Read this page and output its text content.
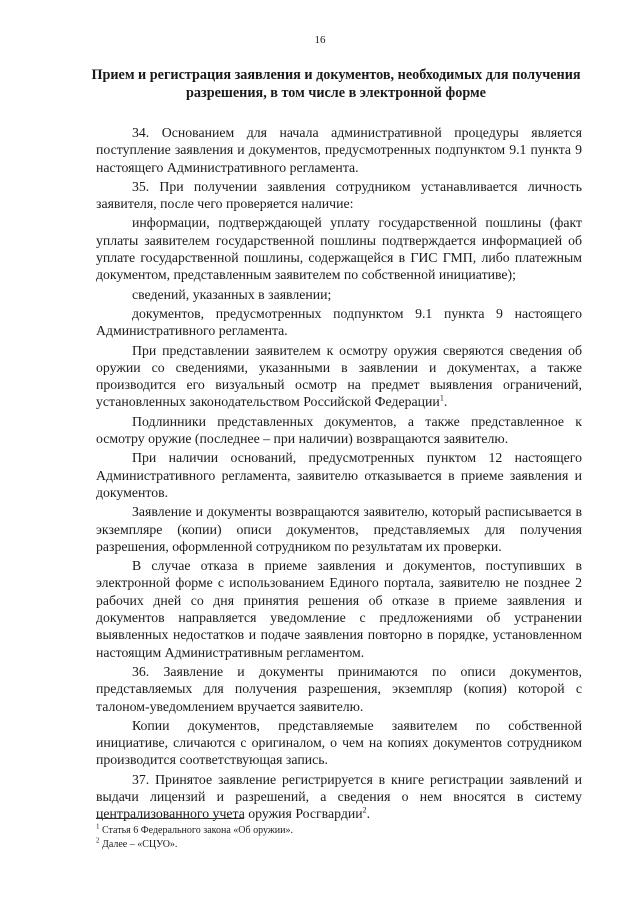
16
Прием и регистрация заявления и документов, необходимых для получения разрешения, в том числе в электронной форме

34. Основанием для начала административной процедуры является поступление заявления и документов, предусмотренных подпунктом 9.1 пункта 9 настоящего Административного регламента.

35. При получении заявления сотрудником устанавливается личность заявителя, после чего проверяется наличие:

информации, подтверждающей уплату государственной пошлины (факт уплаты заявителем государственной пошлины подтверждается информацией об уплате государственной пошлины, содержащейся в ГИС ГМП, либо платежным документом, представленным заявителем по собственной инициативе);

сведений, указанных в заявлении;

документов, предусмотренных подпунктом 9.1 пункта 9 настоящего Административного регламента.

При представлении заявителем к осмотру оружия сверяются сведения об оружии со сведениями, указанными в заявлении и документах, а также производится его визуальный осмотр на предмет выявления ограничений, установленных законодательством Российской Федерации$^1$.

Подлинники представленных документов, а также представленное к осмотру оружие (последнее – при наличии) возвращаются заявителю.

При наличии оснований, предусмотренных пунктом 12 настоящего Административного регламента, заявителю отказывается в приеме заявления и документов.

Заявление и документы возвращаются заявителю, который расписывается в экземпляре (копии) описи документов, представляемых для получения разрешения, оформленной сотрудником по результатам их проверки.

В случае отказа в приеме заявления и документов, поступивших в электронной форме с использованием Единого портала, заявителю не позднее 2 рабочих дней со дня принятия решения об отказе в приеме заявления и документов направляется уведомление с предложениями об устранении выявленных недостатков и подаче заявления повторно в порядке, установленном настоящим Административным регламентом.

36. Заявление и документы принимаются по описи документов, представляемых для получения разрешения, экземпляр (копия) которой с талоном-уведомлением вручается заявителю.

Копии документов, представляемые заявителем по собственной инициативе, сличаются с оригиналом, о чем на копиях документов сотрудником производится соответствующая запись.

37. Принятое заявление регистрируется в книге регистрации заявлений и выдачи лицензий и разрешений, а сведения о нем вносятся в систему централизованного учета оружия Росгвардии$^2$.

$^1$ Статья 6 Федерального закона «Об оружии».
$^2$ Далее – «СЦУО».
